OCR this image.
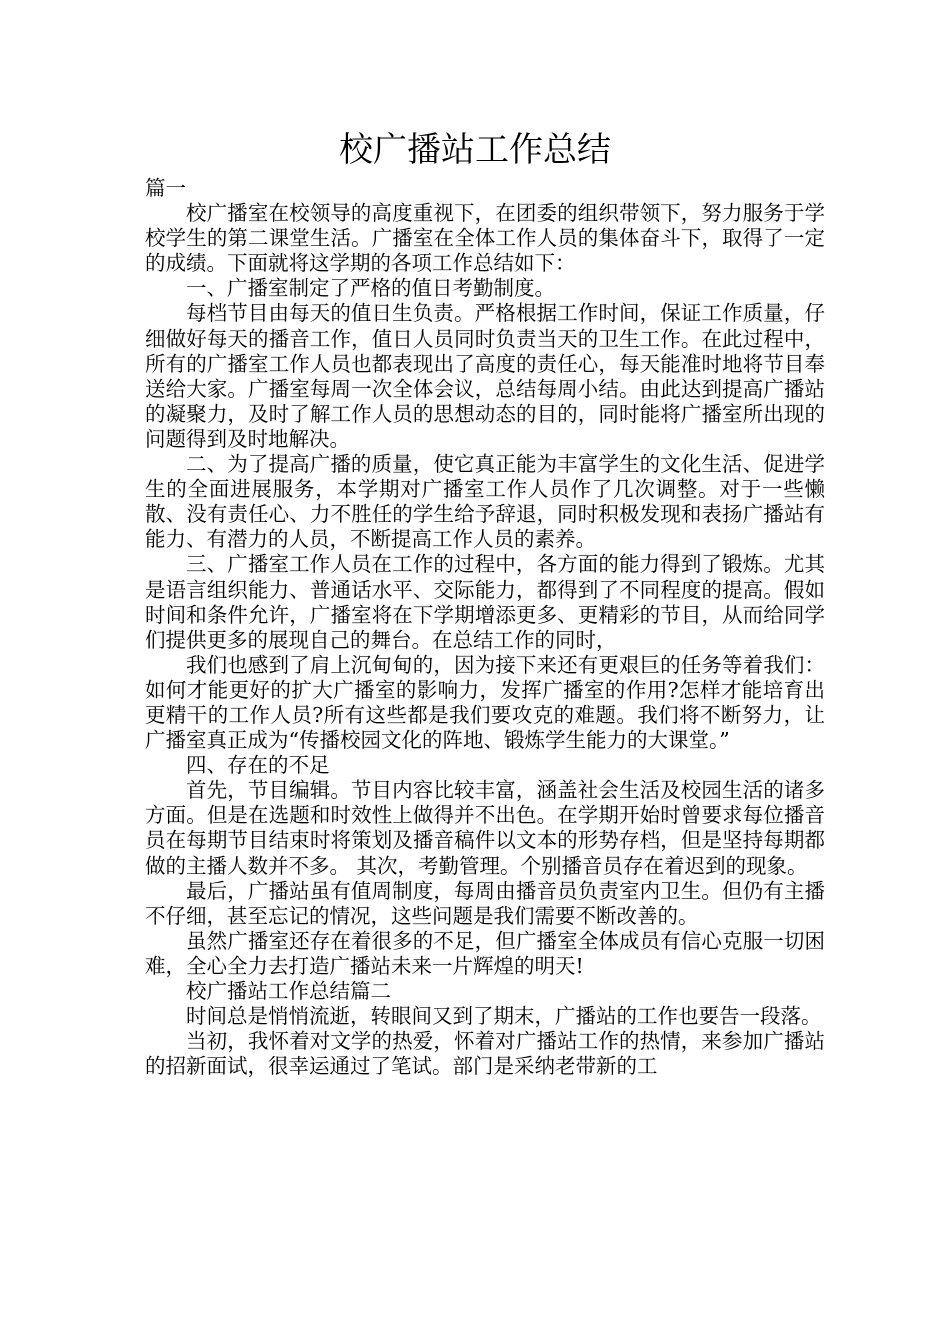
校广播站工作总结

篇一

校广播室在校领导的高度重视下，在团委的组织带领下，努力服务于学校学生的第二课堂生活。广播室在全体工作人员的集体奋斗下，取得了一定的成绩。下面就将这学期的各项工作总结如下：

一、广播室制定了严格的值日考勤制度。

每档节目由每天的值日生负责。严格根据工作时间，保证工作质量，仔细做好每天的播音工作，值日人员同时负责当天的卫生工作。在此过程中，所有的广播室工作人员也都表现出了高度的责任心，每天能准时地将节目奉送给大家。广播室每周一次全体会议，总结每周小结。由此达到提高广播站的凝聚力，及时了解工作人员的思想动态的目的，同时能将广播室所出现的问题得到及时地解决。

二、为了提高广播的质量，使它真正能为丰富学生的文化生活、促进学生的全面进展服务，本学期对广播室工作人员作了几次调整。对于一些懒散、没有责任心、力不胜任的学生给予辞退，同时积极发现和表扬广播站有能力、有潜力的人员，不断提高工作人员的素养。

三、广播室工作人员在工作的过程中，各方面的能力得到了锻炼。尤其是语言组织能力、普通话水平、交际能力，都得到了不同程度的提高。假如时间和条件允许，广播室将在下学期增添更多、更精彩的节目，从而给同学们提供更多的展现自己的舞台。在总结工作的同时，

我们也感到了肩上沉甸甸的，因为接下来还有更艰巨的任务等着我们：如何才能更好的扩大广播室的影响力，发挥广播室的作用?怎样才能培育出更精干的工作人员?所有这些都是我们要攻克的难题。我们将不断努力，让广播室真正成为“传播校园文化的阵地、锻炼学生能力的大课堂。”

四、存在的不足

首先，节目编辑。节目内容比较丰富，涵盖社会生活及校园生活的诸多方面。但是在选题和时效性上做得并不出色。在学期开始时曾要求每位播音员在每期节目结束时将策划及播音稿件以文本的形势存档，但是坚持每期都做的主播人数并不多。 其次，考勤管理。个别播音员存在着迟到的现象。

最后，广播站虽有值周制度，每周由播音员负责室内卫生。但仍有主播不仔细，甚至忘记的情况，这些问题是我们需要不断改善的。

虽然广播室还存在着很多的不足，但广播室全体成员有信心克服一切困难，全心全力去打造广播站未来一片辉煌的明天!

校广播站工作总结篇二

时间总是悄悄流逝，转眼间又到了期末，广播站的工作也要告一段落。

当初，我怀着对文学的热爱，怀着对广播站工作的热情，来参加广播站的招新面试，很幸运通过了笔试。部门是采纳老带新的工
